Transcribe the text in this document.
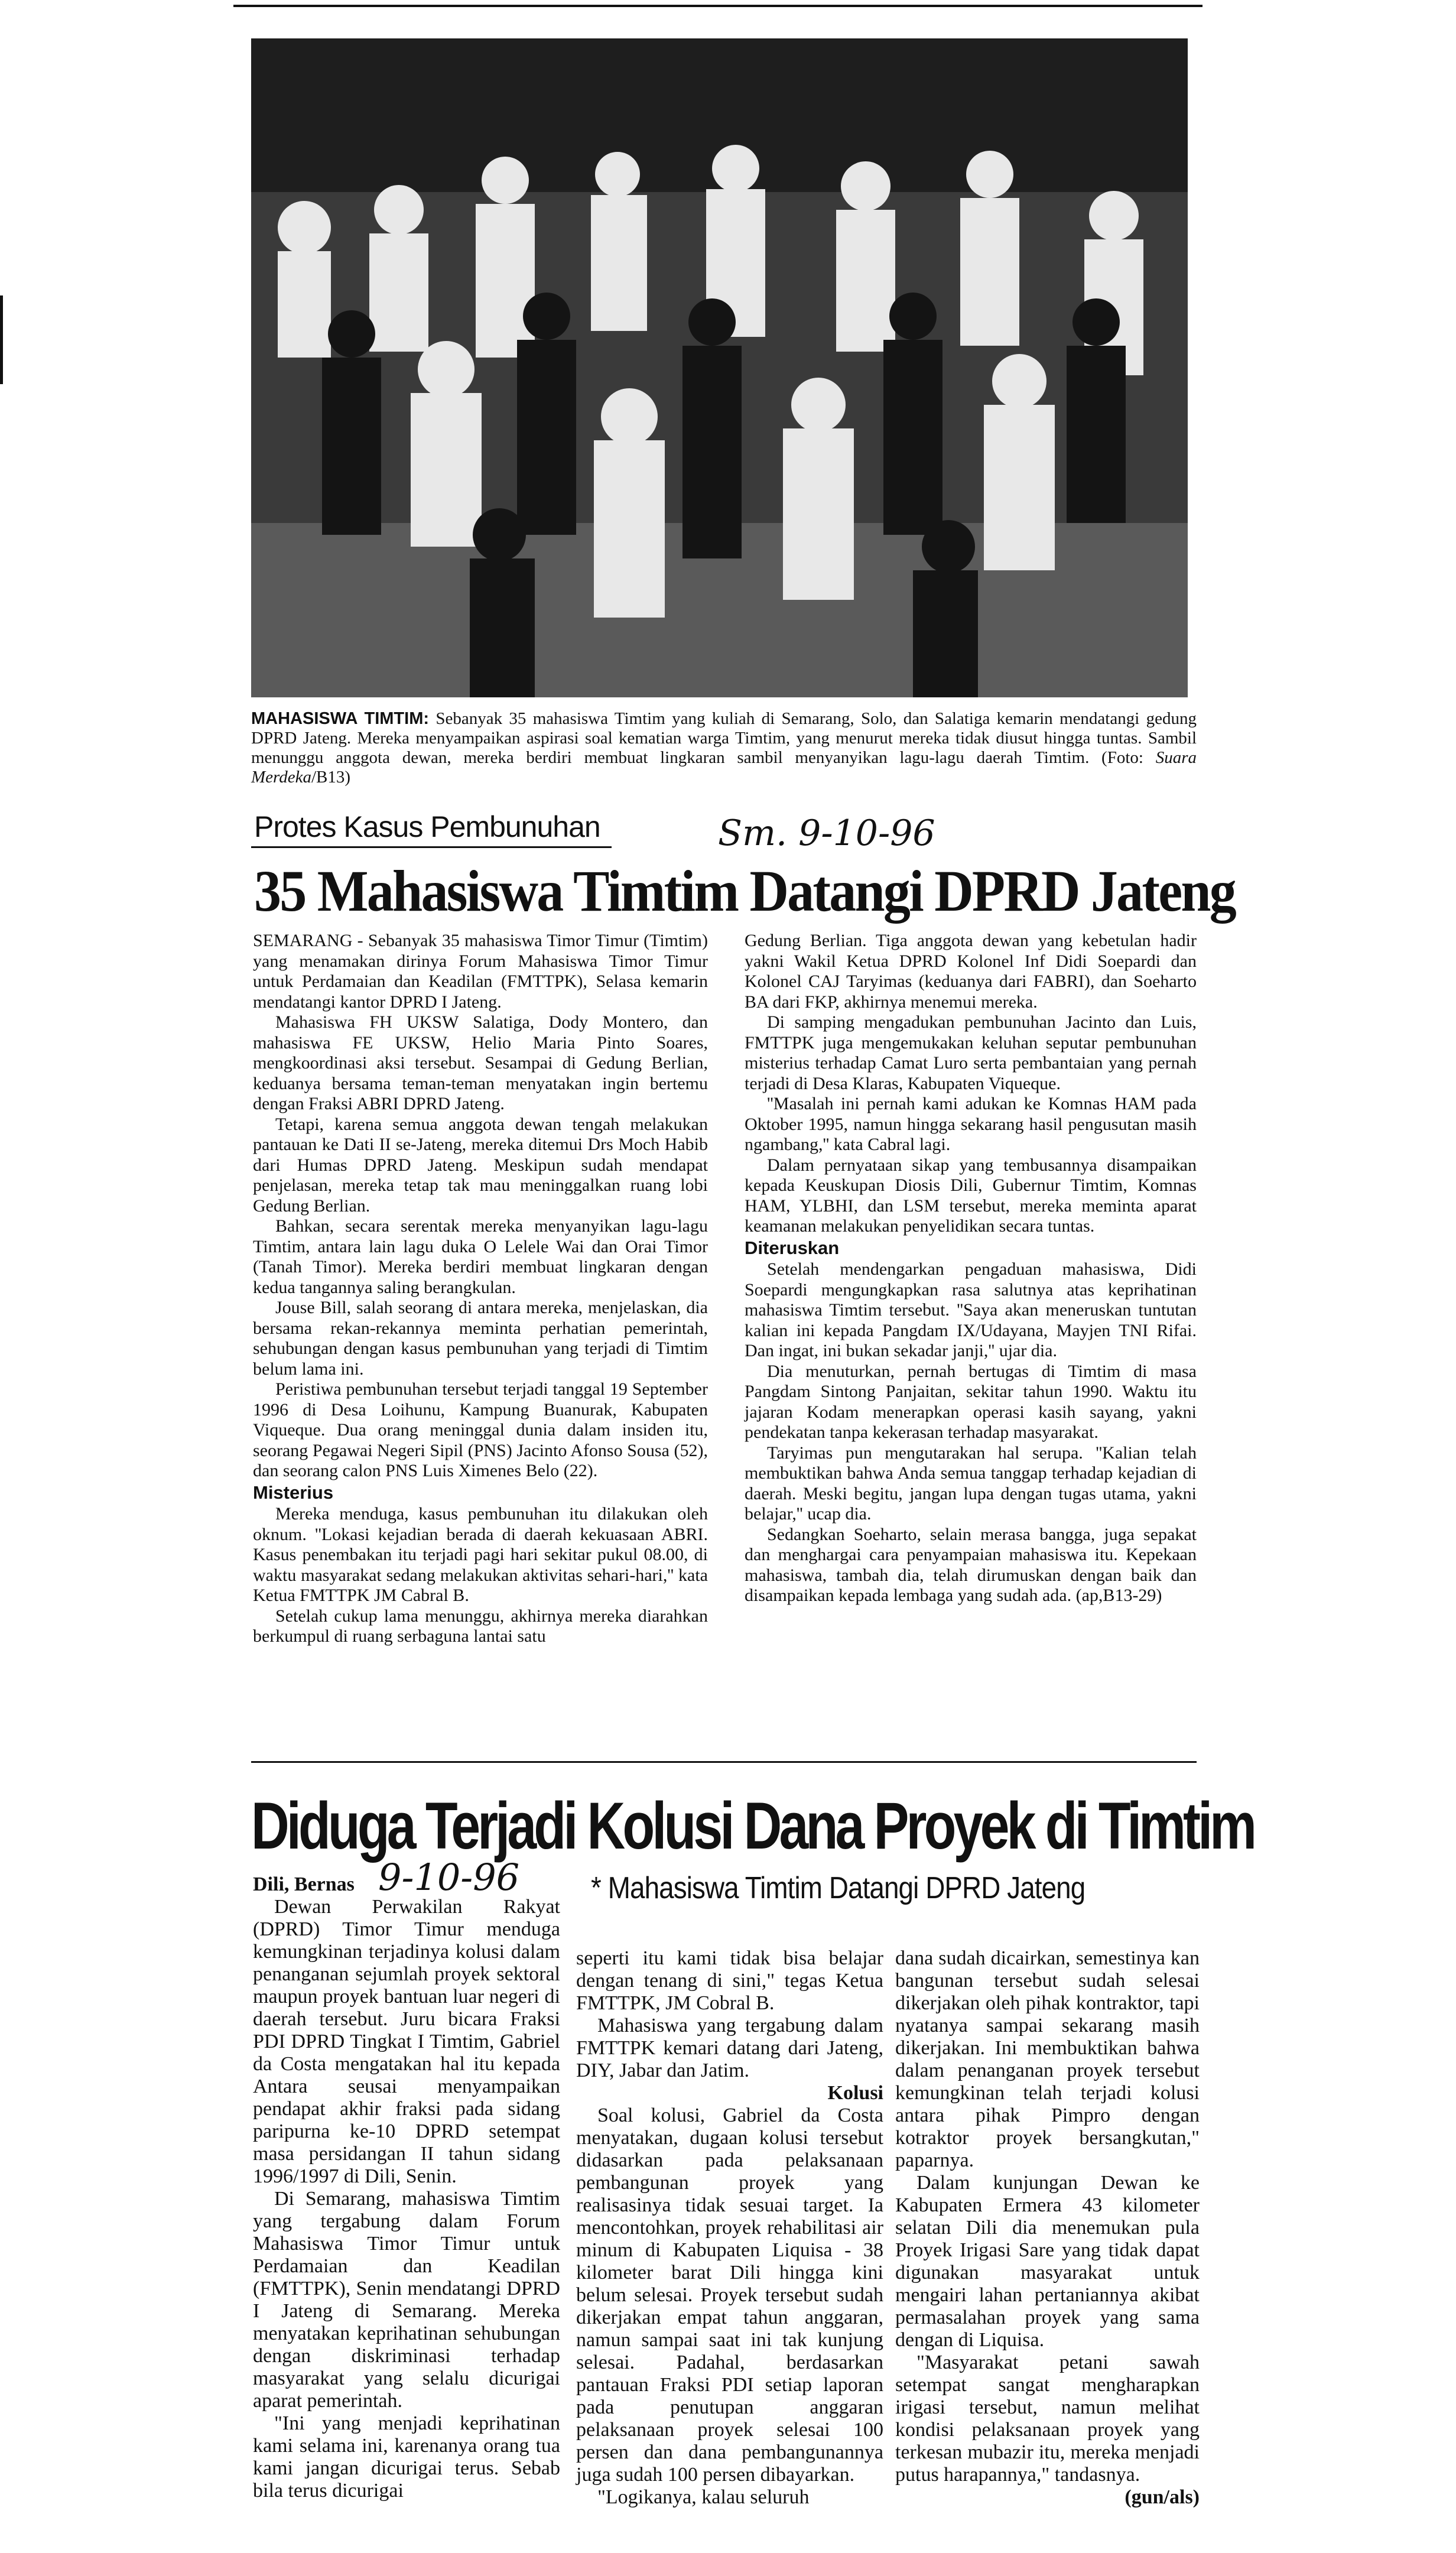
MAHASISWA TIMTIM: Sebanyak 35 mahasiswa Timtim yang kuliah di Semarang, Solo, dan Salatiga kemarin mendatangi gedung DPRD Jateng. Mereka menyampaikan aspirasi soal kematian warga Timtim, yang menurut mereka tidak diusut hingga tuntas. Sambil menunggu anggota dewan, mereka berdiri membuat lingkaran sambil menyanyikan lagu-lagu daerah Timtim. (Foto: Suara Merdeka/B13)
Protes Kasus Pembunuhan	Sm. 9-10-96
35 Mahasiswa Timtim Datangi DPRD Jateng

SEMARANG - Sebanyak 35 mahasiswa Timor Timur (Timtim) yang menamakan dirinya Forum Mahasiswa Timor Timur untuk Perdamaian dan Keadilan (FMTTPK), Selasa kemarin mendatangi kantor DPRD I Jateng.

Mahasiswa FH UKSW Salatiga, Dody Montero, dan mahasiswa FE UKSW, Helio Maria Pinto Soares, mengkoordinasi aksi tersebut. Sesampai di Gedung Berlian, keduanya bersama teman-teman menyatakan ingin bertemu dengan Fraksi ABRI DPRD Jateng.

Tetapi, karena semua anggota dewan tengah melakukan pantauan ke Dati II se-Jateng, mereka ditemui Drs Moch Habib dari Humas DPRD Jateng. Meskipun sudah mendapat penjelasan, mereka tetap tak mau meninggalkan ruang lobi Gedung Berlian.

Bahkan, secara serentak mereka menyanyikan lagu-lagu Timtim, antara lain lagu duka O Lelele Wai dan Orai Timor (Tanah Timor). Mereka berdiri membuat lingkaran dengan kedua tangannya saling berangkulan.

Jouse Bill, salah seorang di antara mereka, menjelaskan, dia bersama rekan-rekannya meminta perhatian pemerintah, sehubungan dengan kasus pembunuhan yang terjadi di Timtim belum lama ini.

Peristiwa pembunuhan tersebut terjadi tanggal 19 September 1996 di Desa Loihunu, Kampung Buanurak, Kabupaten Viqueque. Dua orang meninggal dunia dalam insiden itu, seorang Pegawai Negeri Sipil (PNS) Jacinto Afonso Sousa (52), dan seorang calon PNS Luis Ximenes Belo (22).

Misterius

Mereka menduga, kasus pembunuhan itu dilakukan oleh oknum. ''Lokasi kejadian berada di daerah kekuasaan ABRI. Kasus penembakan itu terjadi pagi hari sekitar pukul 08.00, di waktu masyarakat sedang melakukan aktivitas sehari-hari,'' kata Ketua FMTTPK JM Cabral B.

Setelah cukup lama menunggu, akhirnya mereka diarahkan berkumpul di ruang serbaguna lantai satu

Gedung Berlian. Tiga anggota dewan yang kebetulan hadir yakni Wakil Ketua DPRD Kolonel Inf Didi Soepardi dan Kolonel CAJ Taryimas (keduanya dari FABRI), dan Soeharto BA dari FKP, akhirnya menemui mereka.

Di samping mengadukan pembunuhan Jacinto dan Luis, FMTTPK juga mengemukakan keluhan seputar pembunuhan misterius terhadap Camat Luro serta pembantaian yang pernah terjadi di Desa Klaras, Kabupaten Viqueque.

''Masalah ini pernah kami adukan ke Komnas HAM pada Oktober 1995, namun hingga sekarang hasil pengusutan masih ngambang,'' kata Cabral lagi.

Dalam pernyataan sikap yang tembusannya disampaikan kepada Keuskupan Diosis Dili, Gubernur Timtim, Komnas HAM, YLBHI, dan LSM tersebut, mereka meminta aparat keamanan melakukan penyelidikan secara tuntas.

Diteruskan

Setelah mendengarkan pengaduan mahasiswa, Didi Soepardi mengungkapkan rasa salutnya atas keprihatinan mahasiswa Timtim tersebut. ''Saya akan meneruskan tuntutan kalian ini kepada Pangdam IX/Udayana, Mayjen TNI Rifai. Dan ingat, ini bukan sekadar janji,'' ujar dia.

Dia menuturkan, pernah bertugas di Timtim di masa Pangdam Sintong Panjaitan, sekitar tahun 1990. Waktu itu jajaran Kodam menerapkan operasi kasih sayang, yakni pendekatan tanpa kekerasan terhadap masyarakat.

Taryimas pun mengutarakan hal serupa. ''Kalian telah membuktikan bahwa Anda semua tanggap terhadap kejadian di daerah. Meski begitu, jangan lupa dengan tugas utama, yakni belajar,'' ucap dia.

Sedangkan Soeharto, selain merasa bangga, juga sepakat dan menghargai cara penyampaian mahasiswa itu. Kepekaan mahasiswa, tambah dia, telah dirumuskan dengan baik dan disampaikan kepada lembaga yang sudah ada. (ap,B13-29)

Diduga Terjadi Kolusi Dana Proyek di Timtim
9-10-96 * Mahasiswa Timtim Datangi DPRD Jateng
Dili, Bernas

Dewan Perwakilan Rakyat (DPRD) Timor Timur menduga kemungkinan terjadinya kolusi dalam penanganan sejumlah proyek sektoral maupun proyek bantuan luar negeri di daerah tersebut. Juru bicara Fraksi PDI DPRD Tingkat I Timtim, Gabriel da Costa mengatakan hal itu kepada Antara seusai menyampaikan pendapat akhir fraksi pada sidang paripurna ke-10 DPRD setempat masa persidangan II tahun sidang 1996/1997 di Dili, Senin.

Di Semarang, mahasiswa Timtim yang tergabung dalam Forum Mahasiswa Timor Timur untuk Perdamaian dan Keadilan (FMTTPK), Senin mendatangi DPRD I Jateng di Semarang. Mereka menyatakan keprihatinan sehubungan dengan diskriminasi terhadap masyarakat yang selalu dicurigai aparat pemerintah.

"Ini yang menjadi keprihatinan kami selama ini, karenanya orang tua kami jangan dicurigai terus. Sebab bila terus dicurigai

seperti itu kami tidak bisa belajar dengan tenang di sini," tegas Ketua FMTTPK, JM Cobral B.

Mahasiswa yang tergabung dalam FMTTPK kemari datang dari Jateng, DIY, Jabar dan Jatim.

Kolusi

Soal kolusi, Gabriel da Costa menyatakan, dugaan kolusi tersebut didasarkan pada pelaksanaan pembangunan proyek yang realisasinya tidak sesuai target. Ia mencontohkan, proyek rehabilitasi air minum di Kabupaten Liquisa - 38 kilometer barat Dili hingga kini belum selesai. Proyek tersebut sudah dikerjakan empat tahun anggaran, namun sampai saat ini tak kunjung selesai. Padahal, berdasarkan pantauan Fraksi PDI setiap laporan pada penutupan anggaran pelaksanaan proyek selesai 100 persen dan dana pembangunannya juga sudah 100 persen dibayarkan.

"Logikanya, kalau seluruh

dana sudah dicairkan, semestinya kan bangunan tersebut sudah selesai dikerjakan oleh pihak kontraktor, tapi nyatanya sampai sekarang masih dikerjakan. Ini membuktikan bahwa dalam penanganan proyek tersebut kemungkinan telah terjadi kolusi antara pihak Pimpro dengan kotraktor proyek bersangkutan," paparnya.

Dalam kunjungan Dewan ke Kabupaten Ermera 43 kilometer selatan Dili dia menemukan pula Proyek Irigasi Sare yang tidak dapat digunakan masyarakat untuk mengairi lahan pertaniannya akibat permasalahan proyek yang sama dengan di Liquisa.

"Masyarakat petani sawah setempat sangat mengharapkan irigasi tersebut, namun melihat kondisi pelaksanaan proyek yang terkesan mubazir itu, mereka menjadi putus harapannya," tandasnya.

(gun/als)
